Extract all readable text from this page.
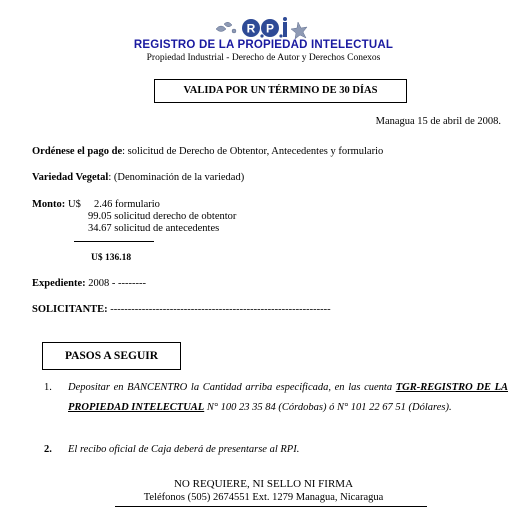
R P
REGISTRO DE LA PROPIEDAD INTELECTUAL
Propiedad Industrial - Derecho de Autor y Derechos Conexos
VALIDA POR UN TÉRMINO DE 30 DÍAS
Managua 15 de abril de 2008.
Ordénese el pago de: solicitud de Derecho de Obtentor, Antecedentes y formulario
Variedad Vegetal: (Denominación de la variedad)
Monto: U$ 2.46 formulario
99.05 solicitud derecho de obtentor
34.67 solicitud de antecedentes
U$ 136.18
Expediente: 2008 - --------
SOLICITANTE: ---------------------------------------------------------------
PASOS A SEGUIR
1. Depositar en BANCENTRO la Cantidad arriba especificada, en las cuenta TGR-REGISTRO DE LA PROPIEDAD INTELECTUAL N° 100 23 35 84 (Córdobas) ó N° 101 22 67 51 (Dólares).
2. El recibo oficial de Caja deberá de presentarse al RPI.
NO REQUIERE, NI SELLO NI FIRMA
Teléfonos (505) 2674551 Ext. 1279 Managua, Nicaragua
